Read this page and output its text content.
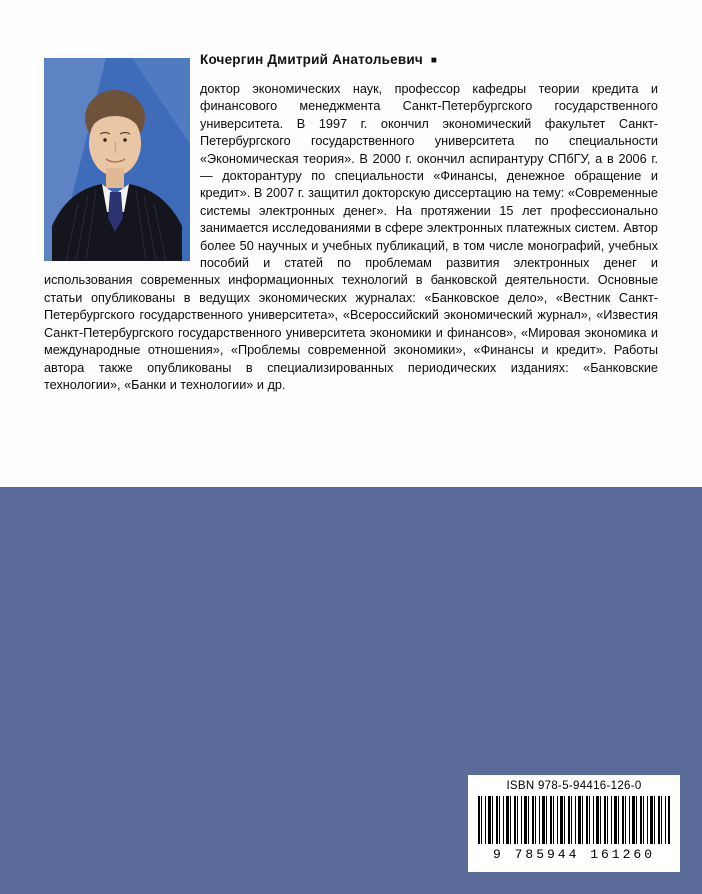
Кочергин Дмитрий Анатольевич ■

доктор экономических наук, профессор кафедры теории кредита и финансового менеджмента Санкт-Петербургского государственного университета. В 1997 г. окончил экономический факультет Санкт-Петербургского государственного университета по специальности «Экономическая теория». В 2000 г. окончил аспирантуру СПбГУ, а в 2006 г. — докторантуру по специальности «Финансы, денежное обращение и кредит». В 2007 г. защитил докторскую диссертацию на тему: «Современные системы электронных денег». На протяжении 15 лет профессионально занимается исследованиями в сфере электронных платежных систем. Автор более 50 научных и учебных публикаций, в том числе монографий, учебных пособий и статей по проблемам развития электронных денег и использования современных информационных технологий в банковской деятельности. Основные статьи опубликованы в ведущих экономических журналах: «Банковское дело», «Вестник Санкт-Петербургского государственного университета», «Всероссийский экономический журнал», «Известия Санкт-Петербургского государственного университета экономики и финансов», «Мировая экономика и международные отношения», «Проблемы современной экономики», «Финансы и кредит». Работы автора также опубликованы в специализированных периодических изданиях: «Банковские технологии», «Банки и технологии» и др.

ISBN 978-5-94416-126-0
9 785944 161260
